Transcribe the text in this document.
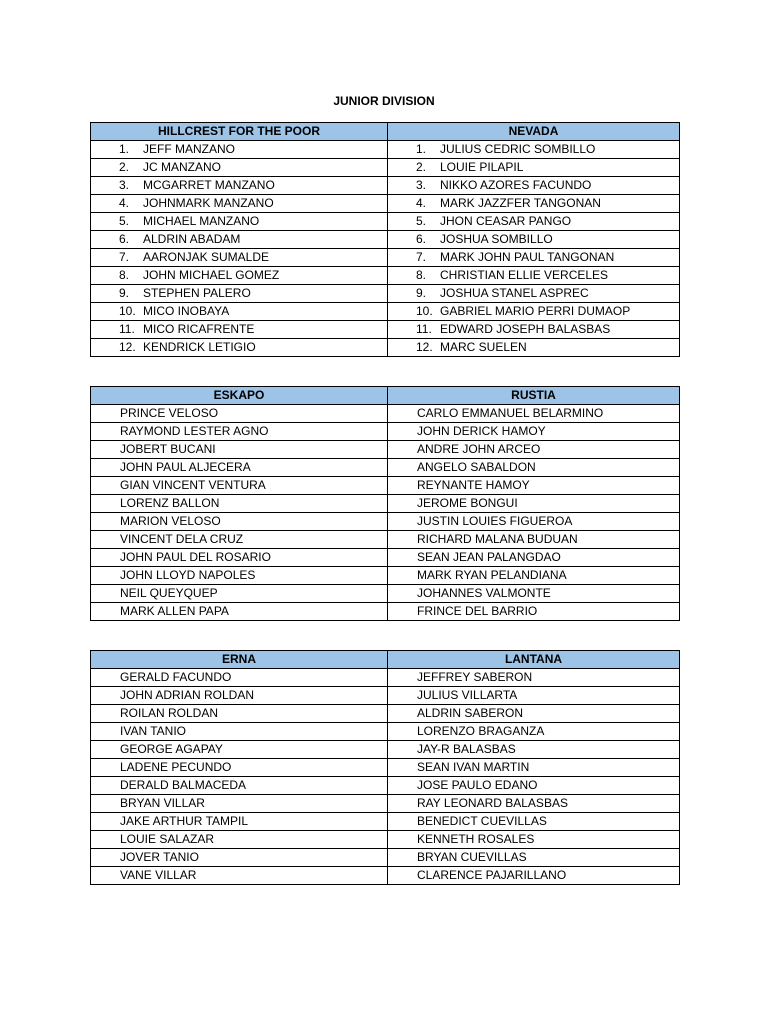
JUNIOR DIVISION
HILLCREST FOR THE POOR	NEVADA
1. JEFF MANZANO	1. JULIUS CEDRIC SOMBILLO
2. JC MANZANO	2. LOUIE PILAPIL
3. MCGARRET MANZANO	3. NIKKO AZORES FACUNDO
4. JOHNMARK MANZANO	4. MARK JAZZFER TANGONAN
5. MICHAEL MANZANO	5. JHON CEASAR PANGO
6. ALDRIN ABADAM	6. JOSHUA SOMBILLO
7. AARONJAK SUMALDE	7. MARK JOHN PAUL TANGONAN
8. JOHN MICHAEL GOMEZ	8. CHRISTIAN ELLIE VERCELES
9. STEPHEN PALERO	9. JOSHUA STANEL ASPREC
10. MICO INOBAYA	10. GABRIEL MARIO PERRI DUMAOP
11. MICO RICAFRENTE	11. EDWARD JOSEPH BALASBAS
12. KENDRICK LETIGIO	12. MARC SUELEN
ESKAPO	RUSTIA
PRINCE VELOSO	CARLO EMMANUEL BELARMINO
RAYMOND LESTER AGNO	JOHN DERICK HAMOY
JOBERT BUCANI	ANDRE JOHN ARCEO
JOHN PAUL ALJECERA	ANGELO SABALDON
GIAN VINCENT VENTURA	REYNANTE HAMOY
LORENZ BALLON	JEROME BONGUI
MARION VELOSO	JUSTIN LOUIES FIGUEROA
VINCENT DELA CRUZ	RICHARD MALANA BUDUAN
JOHN PAUL DEL ROSARIO	SEAN JEAN PALANGDAO
JOHN LLOYD NAPOLES	MARK RYAN PELANDIANA
NEIL QUEYQUEP	JOHANNES VALMONTE
MARK ALLEN PAPA	FRINCE DEL BARRIO
ERNA	LANTANA
GERALD FACUNDO	JEFFREY SABERON
JOHN ADRIAN ROLDAN	JULIUS VILLARTA
ROILAN ROLDAN	ALDRIN SABERON
IVAN TANIO	LORENZO BRAGANZA
GEORGE AGAPAY	JAY-R BALASBAS
LADENE PECUNDO	SEAN IVAN MARTIN
DERALD BALMACEDA	JOSE PAULO EDANO
BRYAN VILLAR	RAY LEONARD BALASBAS
JAKE ARTHUR TAMPIL	BENEDICT CUEVILLAS
LOUIE SALAZAR	KENNETH ROSALES
JOVER TANIO	BRYAN CUEVILLAS
VANE VILLAR	CLARENCE PAJARILLANO
